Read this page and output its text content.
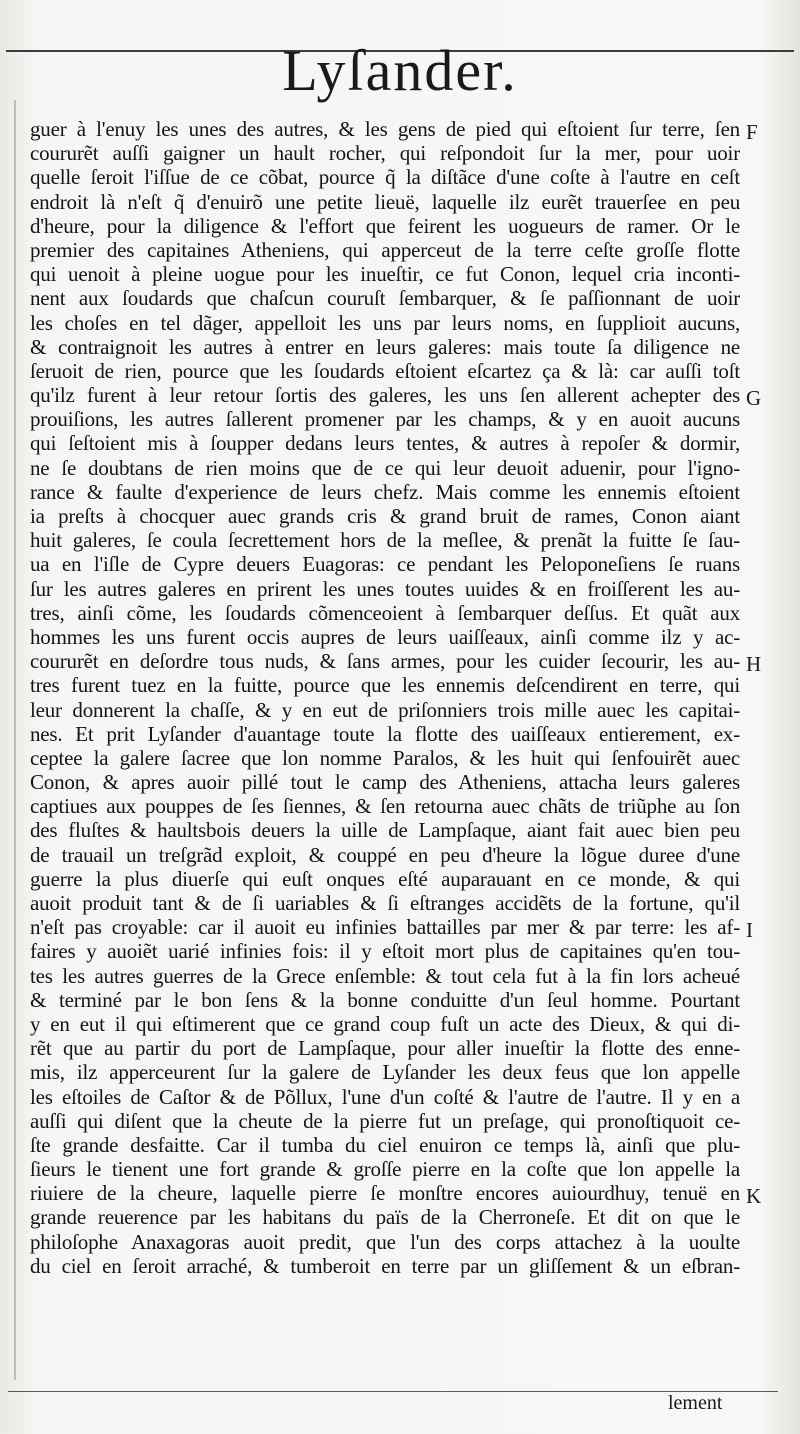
Lyſander.
guer à l'enuy les unes des autres, & les gens de pied qui eſtoient ſur terre, ſen
coururẽt auſſi gaigner un hault rocher, qui reſpondoit ſur la mer, pour uoir
quelle ſeroit l'iſſue de ce cõbat, pource q̃ la diſtãce d'une coſte à l'autre en ceſt
endroit là n'eſt q̃ d'enuirõ une petite lieuë, laquelle ilz eurẽt trauerſee en peu
d'heure, pour la diligence & l'effort que feirent les uogueurs de ramer. Or le
premier des capitaines Atheniens, qui apperceut de la terre ceſte groſſe flotte
qui uenoit à pleine uogue pour les inueſtir, ce fut Conon, lequel cria inconti-
nent aux ſoudards que chaſcun couruſt ſembarquer, & ſe paſſionnant de uoir
les choſes en tel dãger, appelloit les uns par leurs noms, en ſupplioit aucuns,
& contraignoit les autres à entrer en leurs galeres: mais toute ſa diligence ne
ſeruoit de rien, pource que les ſoudards eſtoient eſcartez ça & là: car auſſi toſt
qu'ilz furent à leur retour ſortis des galeres, les uns ſen allerent achepter des
prouiſions, les autres ſallerent promener par les champs, & y en auoit aucuns
qui ſeſtoient mis à ſoupper dedans leurs tentes, & autres à repoſer & dormir,
ne ſe doubtans de rien moins que de ce qui leur deuoit aduenir, pour l'igno-
rance & faulte d'experience de leurs chefz. Mais comme les ennemis eſtoient
ia preſts à chocquer auec grands cris & grand bruit de rames, Conon aiant
huit galeres, ſe coula ſecrettement hors de la meſlee, & prenãt la fuitte ſe ſau-
ua en l'iſle de Cypre deuers Euagoras: ce pendant les Peloponeſiens ſe ruans
ſur les autres galeres en prirent les unes toutes uuides & en froiſſerent les au-
tres, ainſi cõme, les ſoudards cõmenceoient à ſembarquer deſſus. Et quãt aux
hommes les uns furent occis aupres de leurs uaiſſeaux, ainſi comme ilz y ac-
coururẽt en deſordre tous nuds, & ſans armes, pour les cuider ſecourir, les au-
tres furent tuez en la fuitte, pource que les ennemis deſcendirent en terre, qui
leur donnerent la chaſſe, & y en eut de priſonniers trois mille auec les capitai-
nes. Et prit Lyſander d'auantage toute la flotte des uaiſſeaux entierement, ex-
ceptee la galere ſacree que lon nomme Paralos, & les huit qui ſenfouirẽt auec
Conon, & apres auoir pillé tout le camp des Atheniens, attacha leurs galeres
captiues aux pouppes de ſes ſiennes, & ſen retourna auec chãts de triũphe au ſon
des fluſtes & haultsbois deuers la uille de Lampſaque, aiant fait auec bien peu
de trauail un treſgrãd exploit, & couppé en peu d'heure la lõgue duree d'une
guerre la plus diuerſe qui euſt onques eſté auparauant en ce monde, & qui
auoit produit tant & de ſi uariables & ſi eſtranges accidẽts de la fortune, qu'il
n'eſt pas croyable: car il auoit eu infinies battailles par mer & par terre: les af-
faires y auoiẽt uarié infinies fois: il y eſtoit mort plus de capitaines qu'en tou-
tes les autres guerres de la Grece enſemble: & tout cela fut à la fin lors acheué
& terminé par le bon ſens & la bonne conduitte d'un ſeul homme. Pourtant
y en eut il qui eſtimerent que ce grand coup fuſt un acte des Dieux, & qui di-
rẽt que au partir du port de Lampſaque, pour aller inueſtir la flotte des enne-
mis, ilz apperceurent ſur la galere de Lyſander les deux feus que lon appelle
les eſtoiles de Caſtor & de Põllux, l'une d'un coſté & l'autre de l'autre. Il y en a
auſſi qui diſent que la cheute de la pierre fut un preſage, qui pronoſtiquoit ce-
ſte grande desfaitte. Car il tumba du ciel enuiron ce temps là, ainſi que plu-
ſieurs le tienent une fort grande & groſſe pierre en la coſte que lon appelle la
riuiere de la cheure, laquelle pierre ſe monſtre encores auiourdhuy, tenuë en
grande reuerence par les habitans du païs de la Cherroneſe. Et dit on que le
philoſophe Anaxagoras auoit predit, que l'un des corps attachez à la uoulte
du ciel en ſeroit arraché, & tumberoit en terre par un gliſſement & un eſbran-
F
G
H
I
K
lement
